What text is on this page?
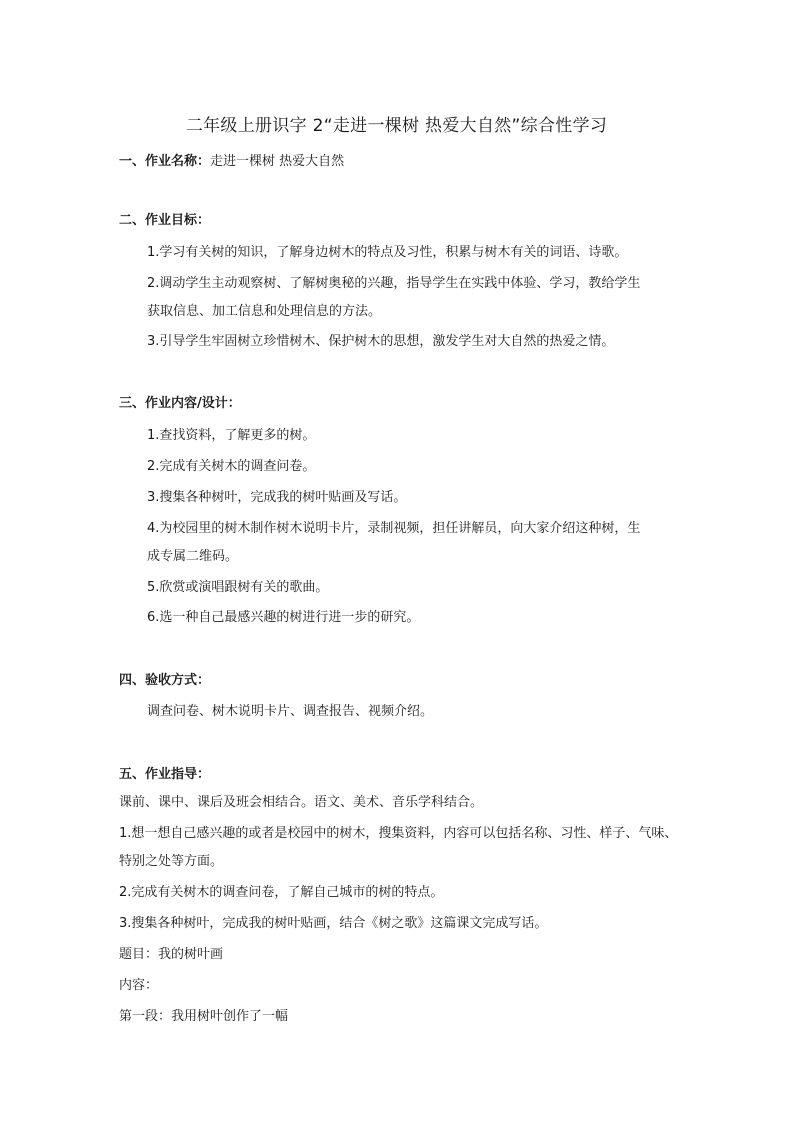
二年级上册识字 2“走进一棵树 热爱大自然”综合性学习
一、作业名称：走进一棵树 热爱大自然
二、作业目标：
1.学习有关树的知识，了解身边树木的特点及习性，积累与树木有关的词语、诗歌。
2.调动学生主动观察树、了解树奥秘的兴趣，指导学生在实践中体验、学习，教给学生
获取信息、加工信息和处理信息的方法。
3.引导学生牢固树立珍惜树木、保护树木的思想，激发学生对大自然的热爱之情。
三、作业内容/设计：
1.查找资料，了解更多的树。
2.完成有关树木的调查问卷。
3.搜集各种树叶，完成我的树叶贴画及写话。
4.为校园里的树木制作树木说明卡片，录制视频，担任讲解员，向大家介绍这种树，生
成专属二维码。
5.欣赏或演唱跟树有关的歌曲。
6.选一种自己最感兴趣的树进行进一步的研究。
四、验收方式：
调查问卷、树木说明卡片、调查报告、视频介绍。
五、作业指导：
课前、课中、课后及班会相结合。语文、美术、音乐学科结合。
1.想一想自己感兴趣的或者是校园中的树木，搜集资料，内容可以包括名称、习性、样子、气味、
特别之处等方面。
2.完成有关树木的调查问卷，了解自己城市的树的特点。
3.搜集各种树叶，完成我的树叶贴画，结合《树之歌》这篇课文完成写话。
题目：我的树叶画
内容：
第一段：我用树叶创作了一幅
